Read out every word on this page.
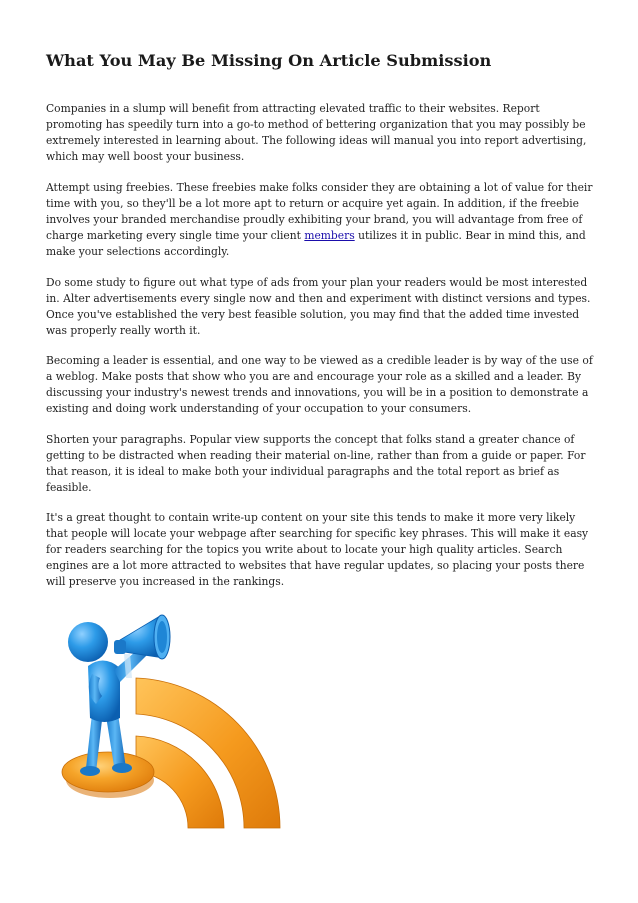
What You May Be Missing On Article Submission

Companies in a slump will benefit from attracting elevated traffic to their websites. Report promoting has speedily turn into a go-to method of bettering organization that you may possibly be extremely interested in learning about. The following ideas will manual you into report advertising, which may well boost your business.

Attempt using freebies. These freebies make folks consider they are obtaining a lot of value for their time with you, so they'll be a lot more apt to return or acquire yet again. In addition, if the freebie involves your branded merchandise proudly exhibiting your brand, you will advantage from free of charge marketing every single time your client members utilizes it in public. Bear in mind this, and make your selections accordingly.

Do some study to figure out what type of ads from your plan your readers would be most interested in. Alter advertisements every single now and then and experiment with distinct versions and types. Once you've established the very best feasible solution, you may find that the added time invested was properly really worth it.

Becoming a leader is essential, and one way to be viewed as a credible leader is by way of the use of a weblog. Make posts that show who you are and encourage your role as a skilled and a leader. By discussing your industry's newest trends and innovations, you will be in a position to demonstrate a existing and doing work understanding of your occupation to your consumers.

Shorten your paragraphs. Popular view supports the concept that folks stand a greater chance of getting to be distracted when reading their material on-line, rather than from a guide or paper. For that reason, it is ideal to make both your individual paragraphs and the total report as brief as feasible.

It's a great thought to contain write-up content on your site this tends to make it more very likely that people will locate your webpage after searching for specific key phrases. This will make it easy for readers searching for the topics you write about to locate your high quality articles. Search engines are a lot more attracted to websites that have regular updates, so placing your posts there will preserve you increased in the rankings.
